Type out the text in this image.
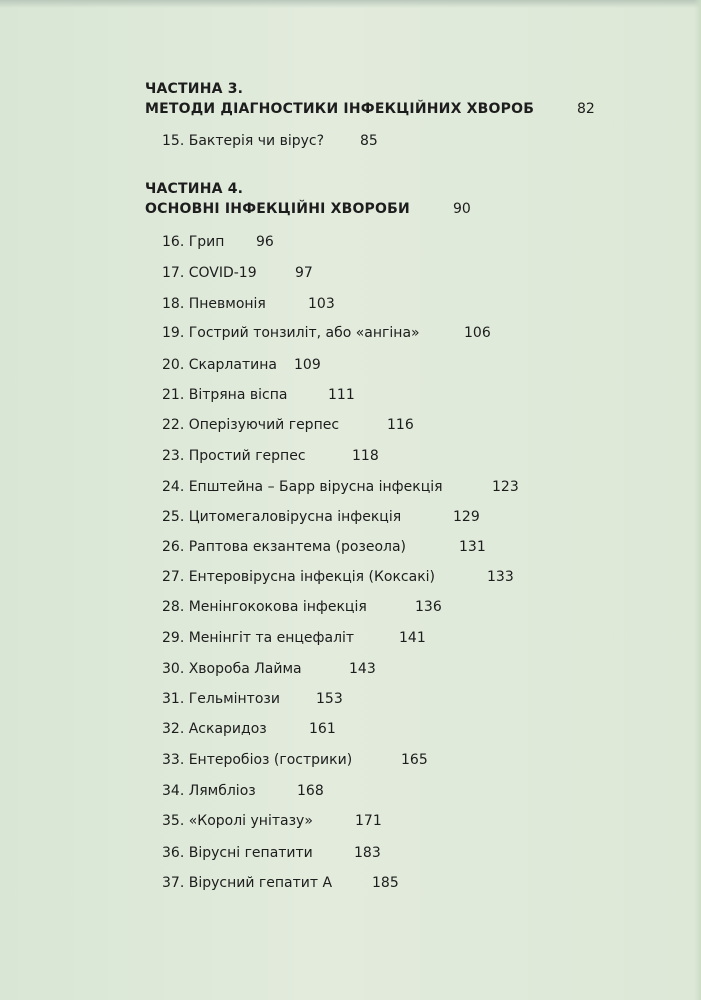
ЧАСТИНА 3.
МЕТОДИ ДІАГНОСТИКИ ІНФЕКЦІЙНИХ ХВОРОБ	82
15. Бактерія чи вірус?	85
ЧАСТИНА 4.
ОСНОВНІ ІНФЕКЦІЙНІ ХВОРОБИ	90
16. Грип 96
17. COVID-19	97
18. Пневмонія	103
19. Гострий тонзиліт, або «ангіна»	106
20. Скарлатина 109
21. Вітряна віспа	111
22. Оперізуючий герпес	116
23. Простий герпес	118
24. Епштейна – Барр вірусна інфекція	123
25. Цитомегаловірусна інфекція	129
26. Раптова екзантема (розеола)	131
27. Ентеровірусна інфекція (Коксакі)	133
28. Менінгококова інфекція	136
29. Менінгіт та енцефаліт	141
30. Хвороба Лайма	143
31. Гельмінтози	153
32. Аскаридоз	161
33. Ентеробіоз (гострики)	165
34. Лямбліоз	168
35. «Королі унітазу»	171
36. Вірусні гепатити	183
37. Вірусний гепатит А	185
